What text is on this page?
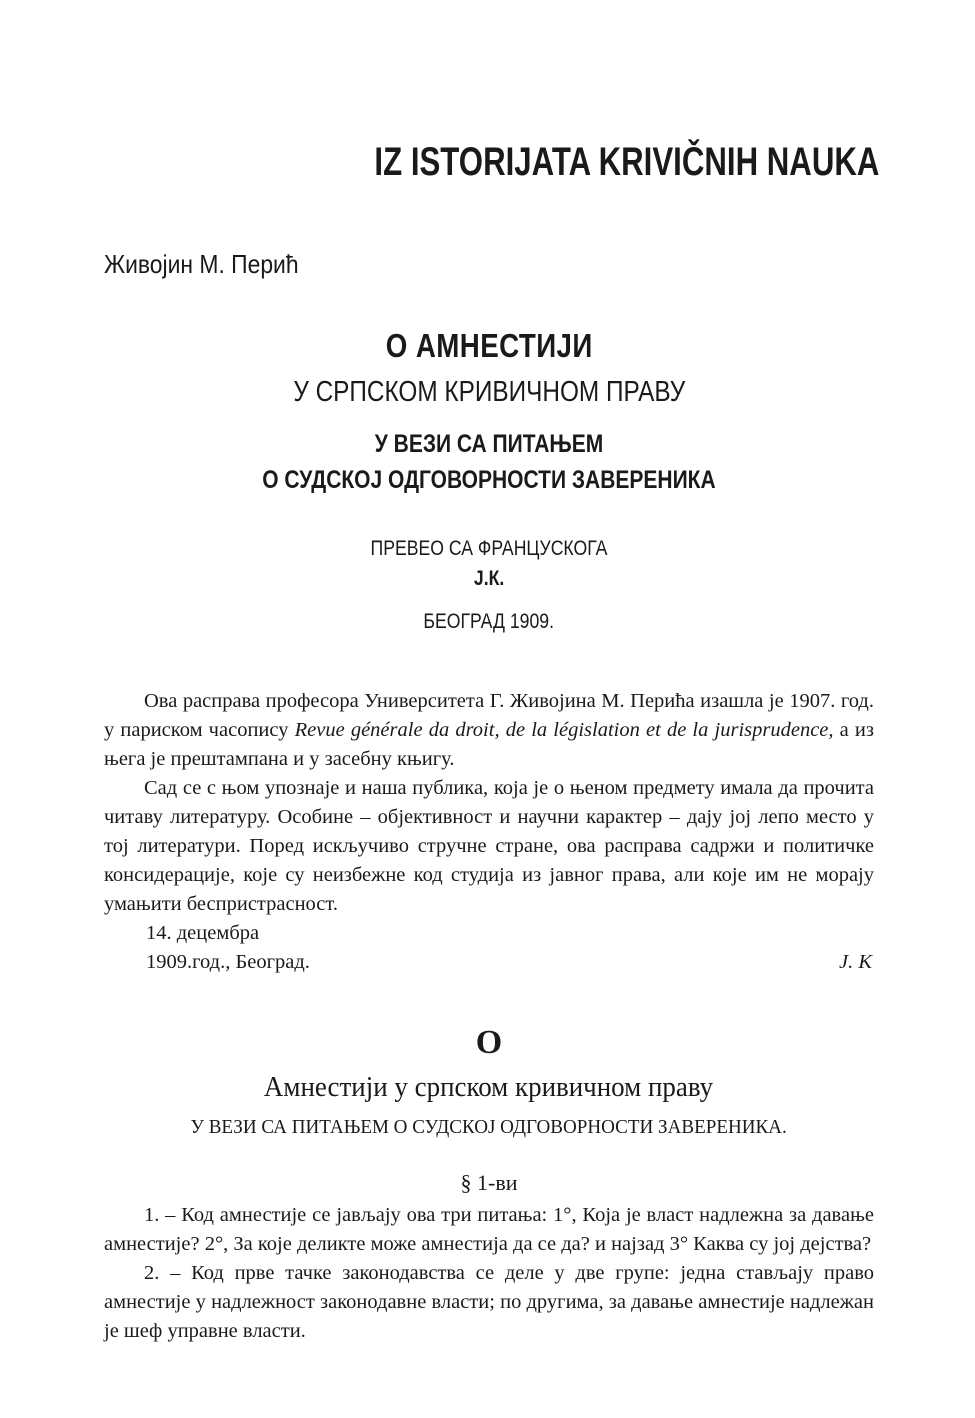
IZ ISTORIJATA KRIVIČNIH NAUKA
Живојин М. Перић
О АМНЕСТИЈИ
У СРПСКОМ КРИВИЧНОМ ПРАВУ
У ВЕЗИ СА ПИТАЊЕМ
О СУДСКОЈ ОДГОВОРНОСТИ ЗАВЕРЕНИКА
ПРЕВЕО СА ФРАНЦУСКОГА
Ј.К.
БЕОГРАД 1909.

Ова расправа професора Университета Г. Живојина М. Перића изашла је 1907. год. у париском часопису Revue générale da droit, de la législation et de la jurisprudence, а из њега је прештампана и у засебну књигу.

Сад се с њом упознаје и наша публика, која је о њеном предмету имала да прочита читаву литературу. Особине – објективност и научни карактер – дају јој лепо место у тој литератури. Поред искључиво стручне стране, ова расправа садржи и политичке консидерације, које су неизбежне код студија из јавног права, али које им не морају умањити беспристрасност.

14. децембра
1909.год., Београд.	Ј. К
О
Амнестији у српском кривичном праву
У ВЕЗИ СА ПИТАЊЕМ О СУДСКОЈ ОДГОВОРНОСТИ ЗАВЕРЕНИКА.
§ 1-ви

1. – Код амнестије се јављају ова три питања: 1°, Која је власт надлежна за давање амнестије? 2°, За које деликте може амнестија да се да? и најзад 3° Каква су јој дејства?

2. – Код прве тачке законодавства се деле у две групе: једна стављају право амнестије у надлежност законодавне власти; по другима, за давање амнестије надлежан је шеф управне власти.
